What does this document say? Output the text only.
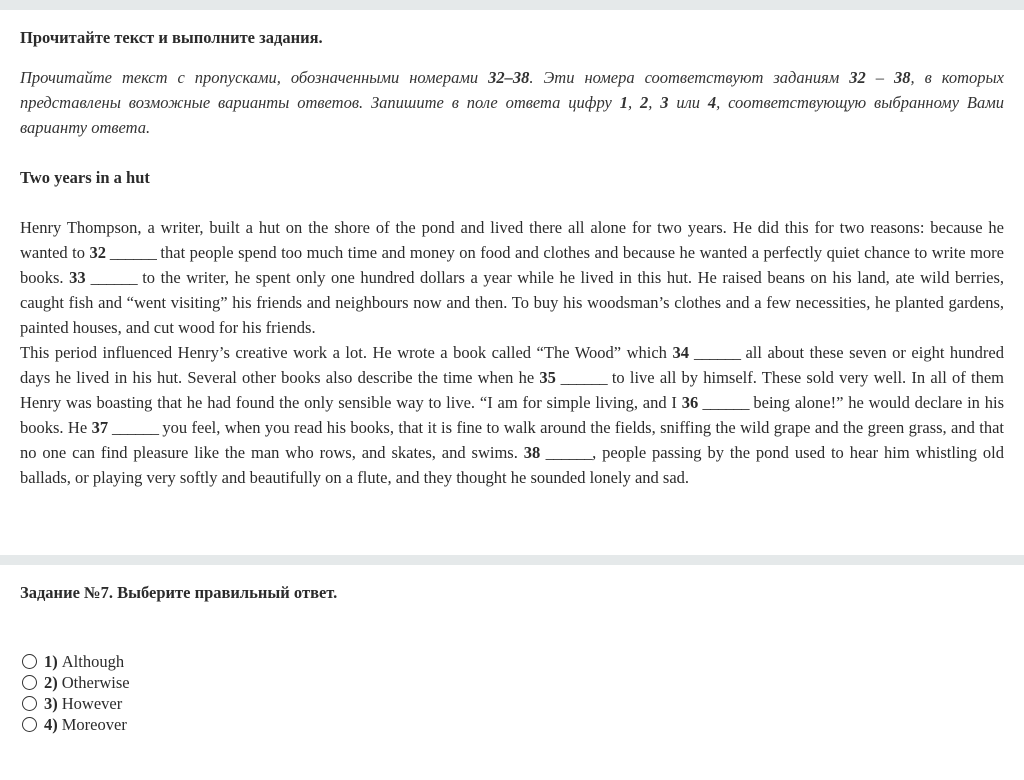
Прочитайте текст и выполните задания.
Прочитайте текст с пропусками, обозначенными номерами 32–38. Эти номера соответствуют заданиям 32 – 38, в которых представлены возможные варианты ответов. Запишите в поле ответа цифру 1, 2, 3 или 4, соответствующую выбранному Вами варианту ответа.
Two years in a hut

Henry Thompson, a writer, built a hut on the shore of the pond and lived there all alone for two years. He did this for two reasons: because he wanted to 32 ______ that people spend too much time and money on food and clothes and because he wanted a perfectly quiet chance to write more books. 33 ______ to the writer, he spent only one hundred dollars a year while he lived in this hut. He raised beans on his land, ate wild berries, caught fish and “went visiting” his friends and neighbours now and then. To buy his woodsman’s clothes and a few necessities, he planted gardens, painted houses, and cut wood for his friends.

This period influenced Henry’s creative work a lot. He wrote a book called “The Wood” which 34 ______ all about these seven or eight hundred days he lived in his hut. Several other books also describe the time when he 35 ______ to live all by himself. These sold very well. In all of them Henry was boasting that he had found the only sensible way to live. “I am for simple living, and I 36 ______ being alone!” he would declare in his books. He 37 ______ you feel, when you read his books, that it is fine to walk around the fields, sniffing the wild grape and the green grass, and that no one can find pleasure like the man who rows, and skates, and swims. 38 ______, people passing by the pond used to hear him whistling old ballads, or playing very softly and beautifully on a flute, and they thought he sounded lonely and sad.

Задание №7. Выберите правильный ответ.
1) Although
2) Otherwise
3) However
4) Moreover
